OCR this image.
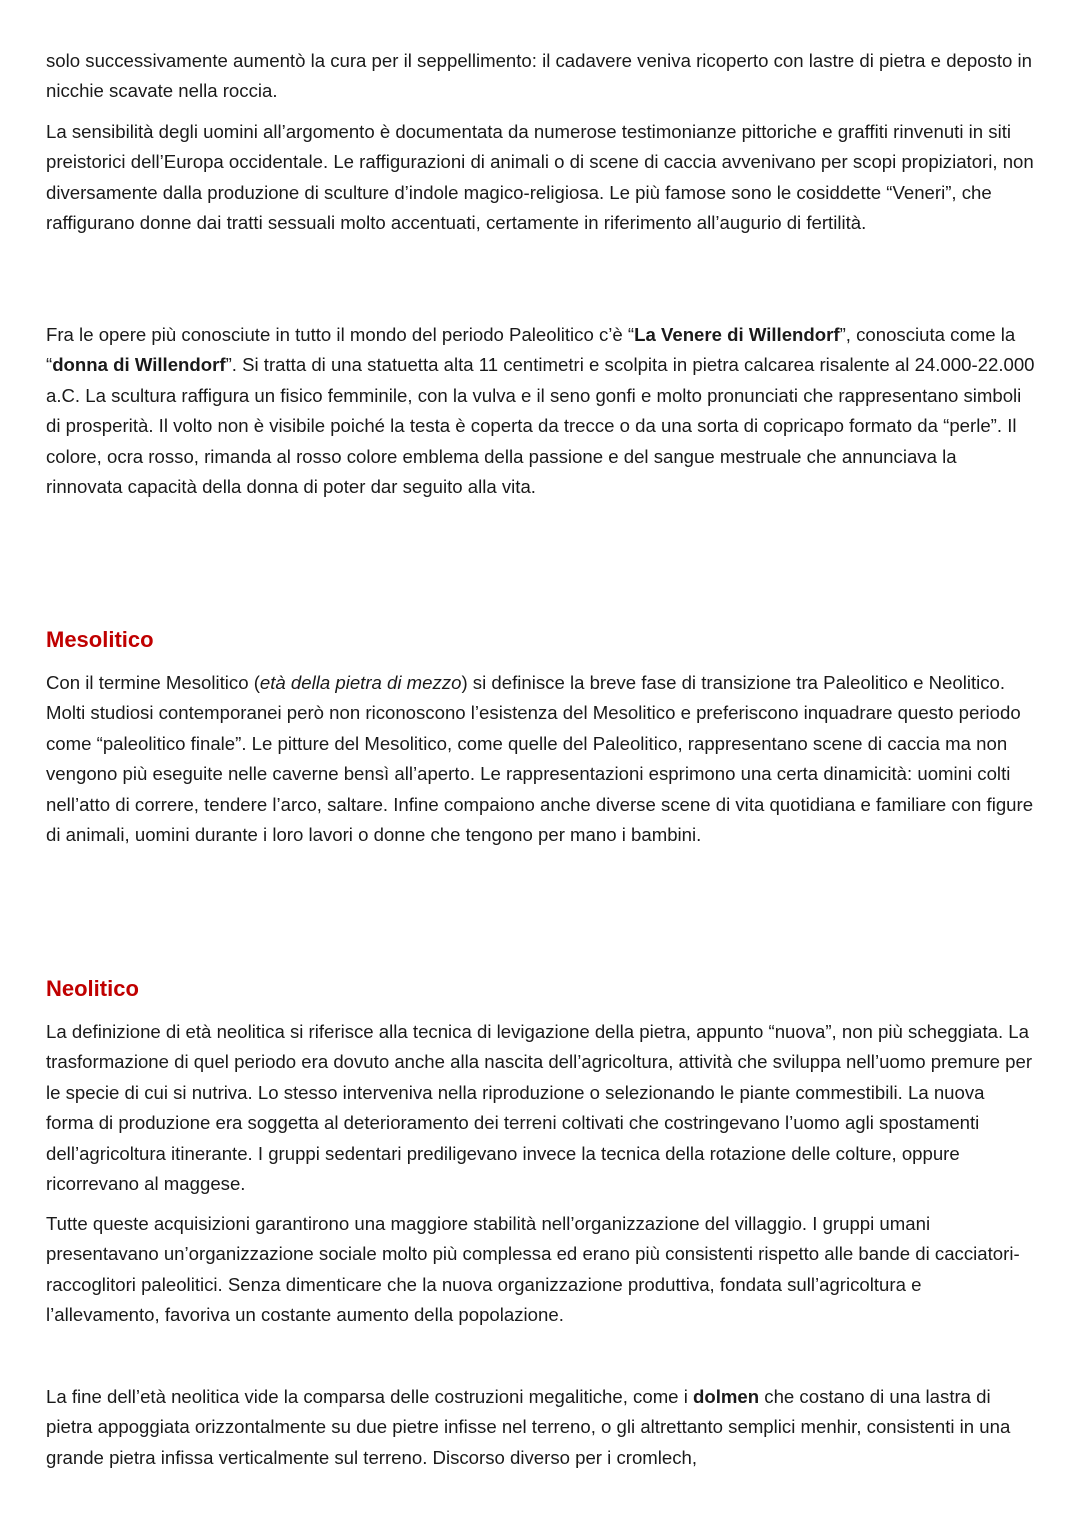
solo successivamente aumentò la cura per il seppellimento: il cadavere veniva ricoperto con lastre di pietra e deposto in nicchie scavate nella roccia.

La sensibilità degli uomini all’argomento è documentata da numerose testimonianze pittoriche e graffiti rinvenuti in siti preistorici dell’Europa occidentale. Le raffigurazioni di animali o di scene di caccia avvenivano per scopi propiziatori, non diversamente dalla produzione di sculture d’indole magico-religiosa. Le più famose sono le cosiddette “Veneri”, che raffigurano donne dai tratti sessuali molto accentuati, certamente in riferimento all’augurio di fertilità.

Fra le opere più conosciute in tutto il mondo del periodo Paleolitico c’è “La Venere di Willendorf”, conosciuta come la “donna di Willendorf”. Si tratta di una statuetta alta 11 centimetri e scolpita in pietra calcarea risalente al 24.000-22.000 a.C. La scultura raffigura un fisico femminile, con la vulva e il seno gonfi e molto pronunciati che rappresentano simboli di prosperità. Il volto non è visibile poiché la testa è coperta da trecce o da una sorta di copricapo formato da “perle”. Il colore, ocra rosso, rimanda al rosso colore emblema della passione e del sangue mestruale che annunciava la rinnovata capacità della donna di poter dar seguito alla vita.

Mesolitico

Con il termine Mesolitico (età della pietra di mezzo) si definisce la breve fase di transizione tra Paleolitico e Neolitico. Molti studiosi contemporanei però non riconoscono l’esistenza del Mesolitico e preferiscono inquadrare questo periodo come “paleolitico finale”. Le pitture del Mesolitico, come quelle del Paleolitico, rappresentano scene di caccia ma non vengono più eseguite nelle caverne bensì all’aperto. Le rappresentazioni esprimono una certa dinamicità: uomini colti nell’atto di correre, tendere l’arco, saltare. Infine compaiono anche diverse scene di vita quotidiana e familiare con figure di animali, uomini durante i loro lavori o donne che tengono per mano i bambini.

Neolitico

La definizione di età neolitica si riferisce alla tecnica di levigazione della pietra, appunto “nuova”, non più scheggiata. La trasformazione di quel periodo era dovuto anche alla nascita dell’agricoltura, attività che sviluppa nell’uomo premure per le specie di cui si nutriva. Lo stesso interveniva nella riproduzione o selezionando le piante commestibili. La nuova forma di produzione era soggetta al deterioramento dei terreni coltivati che costringevano l’uomo agli spostamenti dell’agricoltura itinerante. I gruppi sedentari prediligevano invece la tecnica della rotazione delle colture, oppure ricorrevano al maggese.

Tutte queste acquisizioni garantirono una maggiore stabilità nell’organizzazione del villaggio. I gruppi umani presentavano un’organizzazione sociale molto più complessa ed erano più consistenti rispetto alle bande di cacciatori-raccoglitori paleolitici. Senza dimenticare che la nuova organizzazione produttiva, fondata sull’agricoltura e l’allevamento, favoriva un costante aumento della popolazione.

La fine dell’età neolitica vide la comparsa delle costruzioni megalitiche, come i dolmen che costano di una lastra di pietra appoggiata orizzontalmente su due pietre infisse nel terreno, o gli altrettanto semplici menhir, consistenti in una grande pietra infissa verticalmente sul terreno. Discorso diverso per i cromlech,
